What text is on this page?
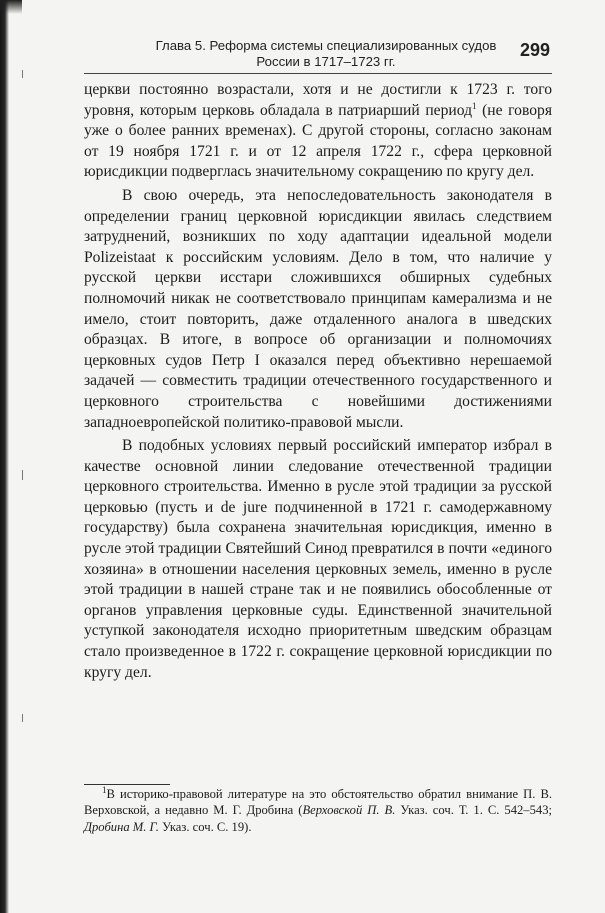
Глава 5. Реформа системы специализированных судов
России в 1717–1723 гг.
299

церкви постоянно возрастали, хотя и не достигли к 1723 г. того уровня, которым церковь обладала в патриарший период$^1$ (не говоря уже о более ранних временах). С другой стороны, согласно законам от 19 ноября 1721 г. и от 12 апреля 1722 г., сфера церковной юрисдикции подверглась значительному сокращению по кругу дел.

В свою очередь, эта непоследовательность законодателя в определении границ церковной юрисдикции явилась следствием затруднений, возникших по ходу адаптации идеальной модели Polizeistaat к российским условиям. Дело в том, что наличие у русской церкви исстари сложившихся обширных судебных полномочий никак не соответствовало принципам камерализма и не имело, стоит повторить, даже отдаленного аналога в шведских образцах. В итоге, в вопросе об организации и полномочиях церковных судов Петр I оказался перед объективно нерешаемой задачей — совместить традиции отечественного государственного и церковного строительства с новейшими достижениями западноевропейской политико-правовой мысли.

В подобных условиях первый российский император избрал в качестве основной линии следование отечественной традиции церковного строительства. Именно в русле этой традиции за русской церковью (пусть и de jure подчиненной в 1721 г. самодержавному государству) была сохранена значительная юрисдикция, именно в русле этой традиции Святейший Синод превратился в почти «единого хозяина» в отношении населения церковных земель, именно в русле этой традиции в нашей стране так и не появились обособленные от органов управления церковные суды. Единственной значительной уступкой законодателя исходно приоритетным шведским образцам стало произведенное в 1722 г. сокращение церковной юрисдикции по кругу дел.

$^1$В историко-правовой литературе на это обстоятельство обратил внимание П. В. Верховской, а недавно М. Г. Дробина (Верховской П. В. Указ. соч. Т. 1. С. 542–543; Дробина М. Г. Указ. соч. С. 19).
